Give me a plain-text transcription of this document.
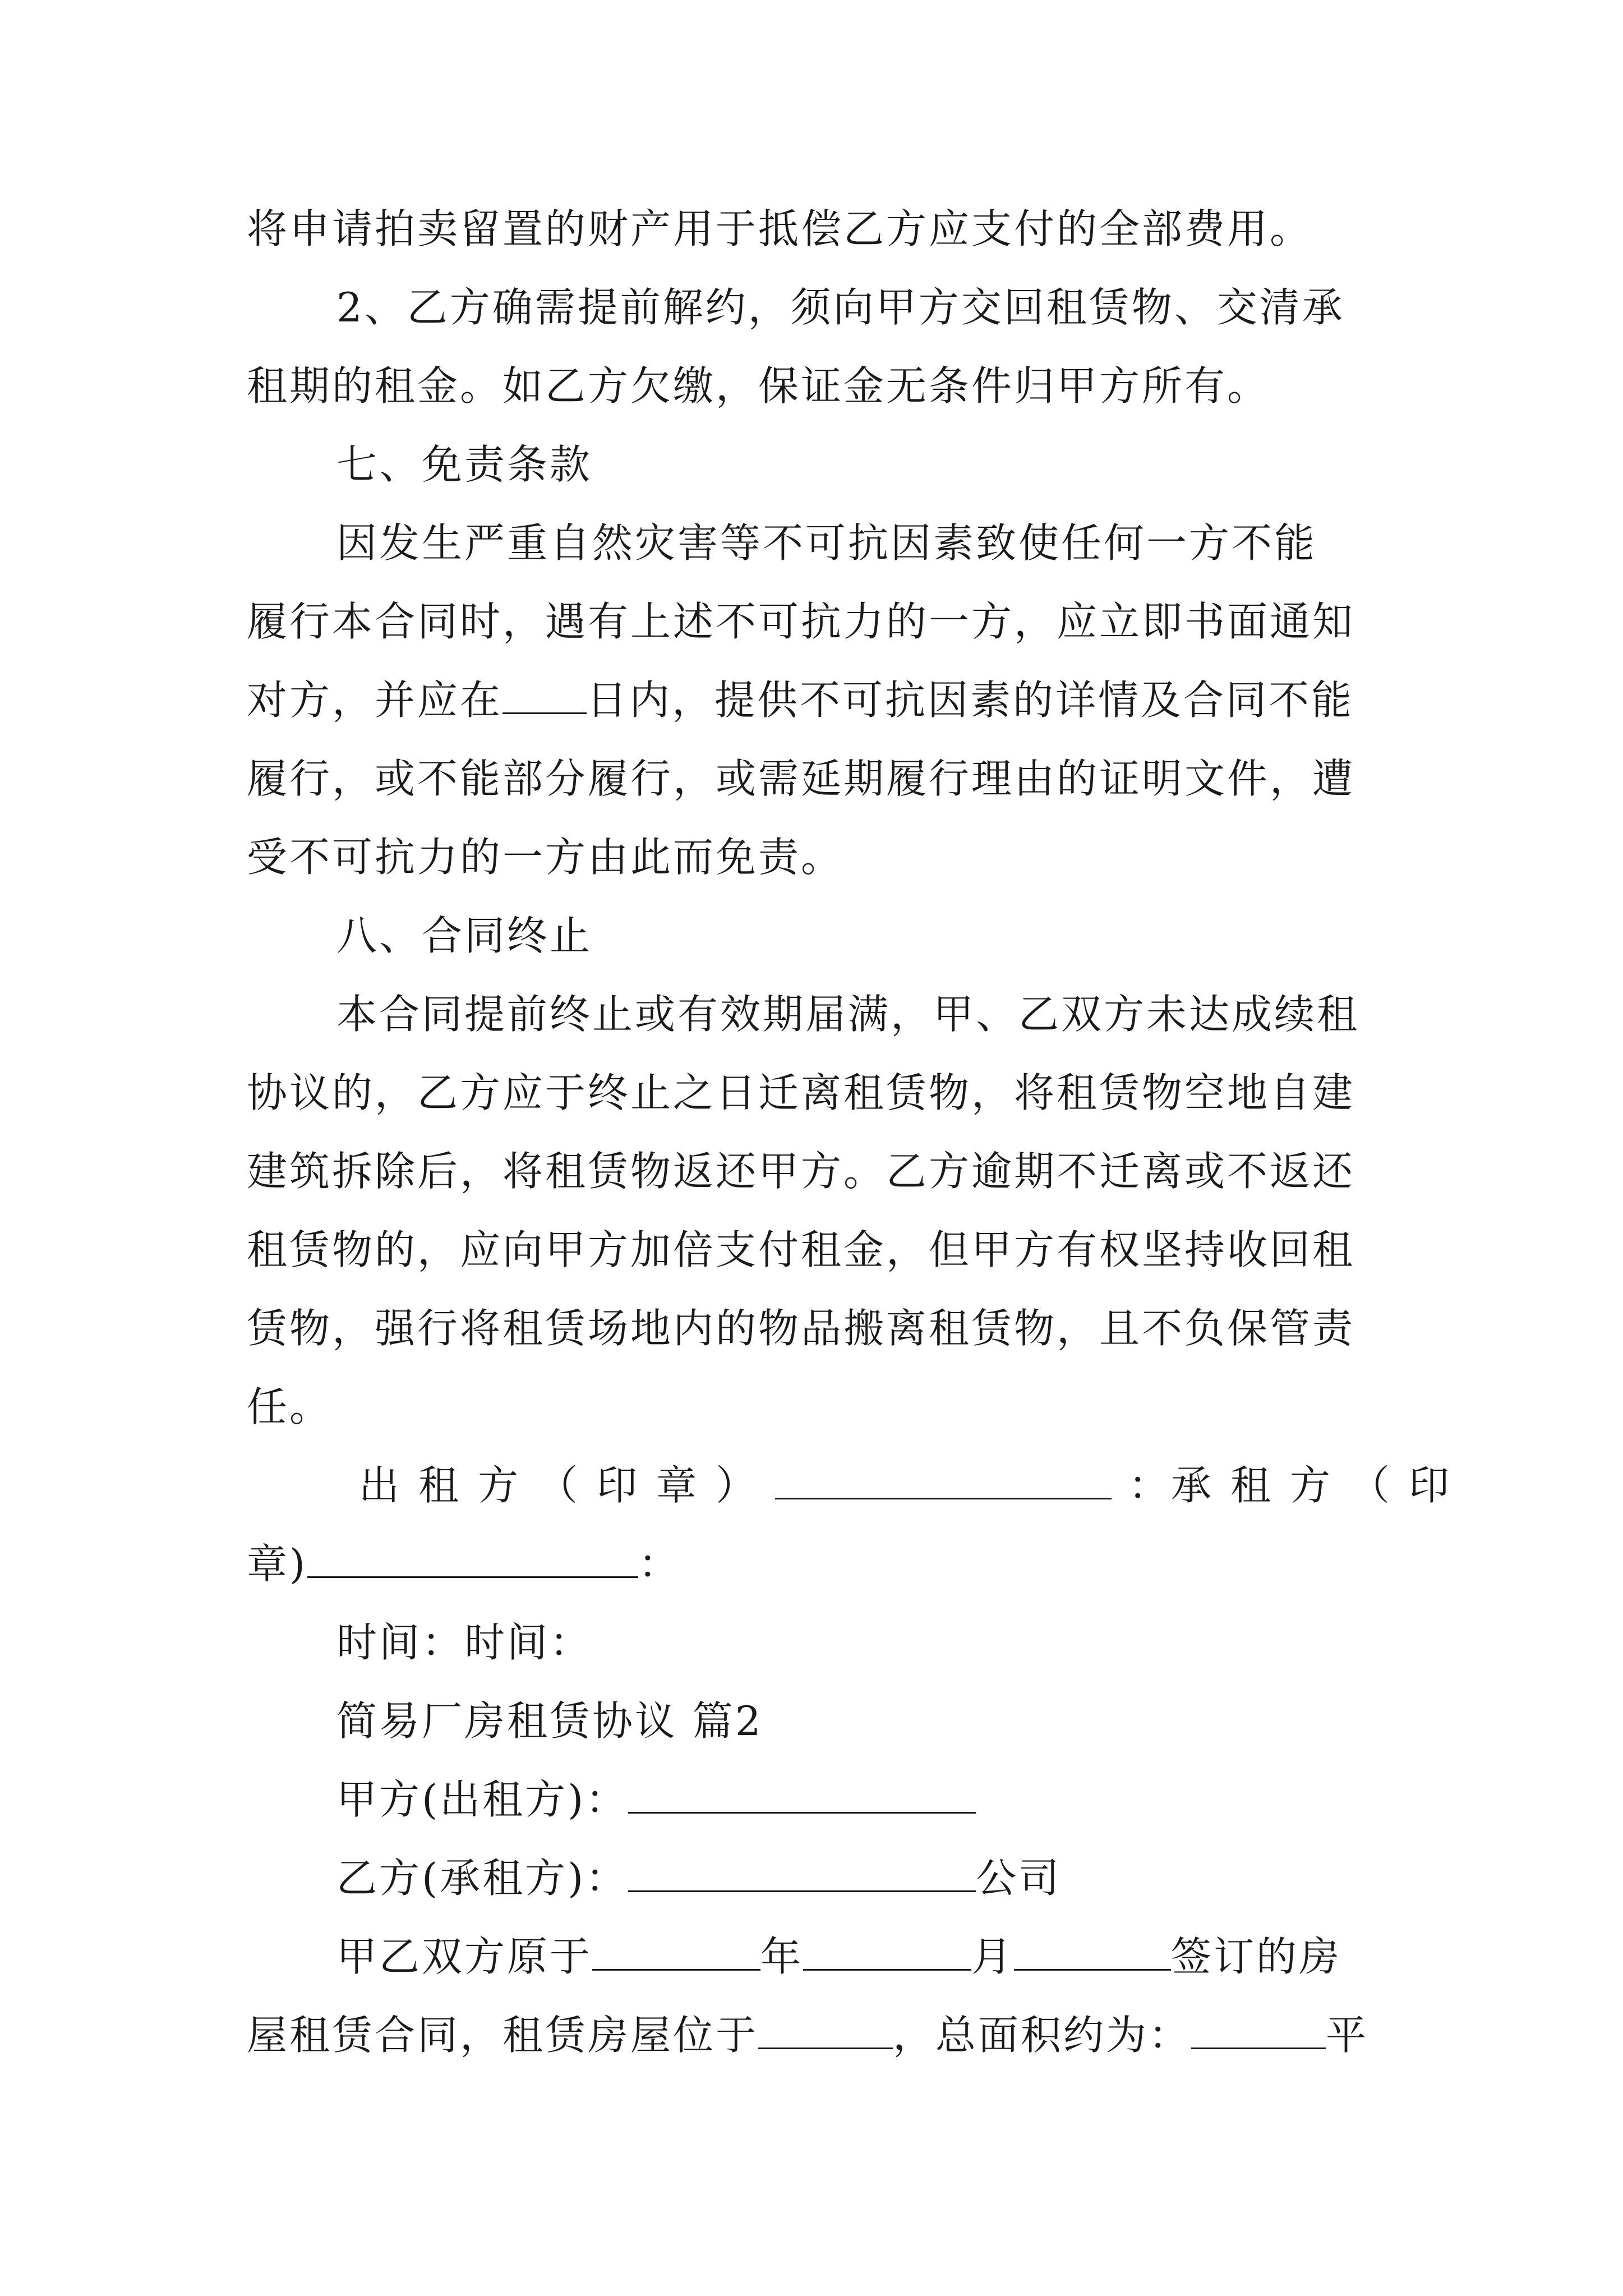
将申请拍卖留置的财产用于抵偿乙方应支付的全部费用。
2、乙方确需提前解约，须向甲方交回租赁物、交清承
租期的租金。如乙方欠缴，保证金无条件归甲方所有。
七、免责条款
因发生严重自然灾害等不可抗因素致使任何一方不能
履行本合同时，遇有上述不可抗力的一方，应立即书面通知
对方，并应在 日内，提供不可抗因素的详情及合同不能
履行，或不能部分履行，或需延期履行理由的证明文件，遭
受不可抗力的一方由此而免责。
八、合同终止
本合同提前终止或有效期届满，甲、乙双方未达成续租
协议的，乙方应于终止之日迁离租赁物，将租赁物空地自建
建筑拆除后，将租赁物返还甲方。乙方逾期不迁离或不返还
租赁物的，应向甲方加倍支付租金，但甲方有权坚持收回租
赁物，强行将租赁场地内的物品搬离租赁物，且不负保管责
任。
出租方（印章）	：承租方（印
章)	：
时间：时间：
简易厂房租赁协议 篇2
甲方(出租方)：
乙方(承租方)：	公司
甲乙双方原于	年	月	签订的房
屋租赁合同，租赁房屋位于	，总面积约为：	平
